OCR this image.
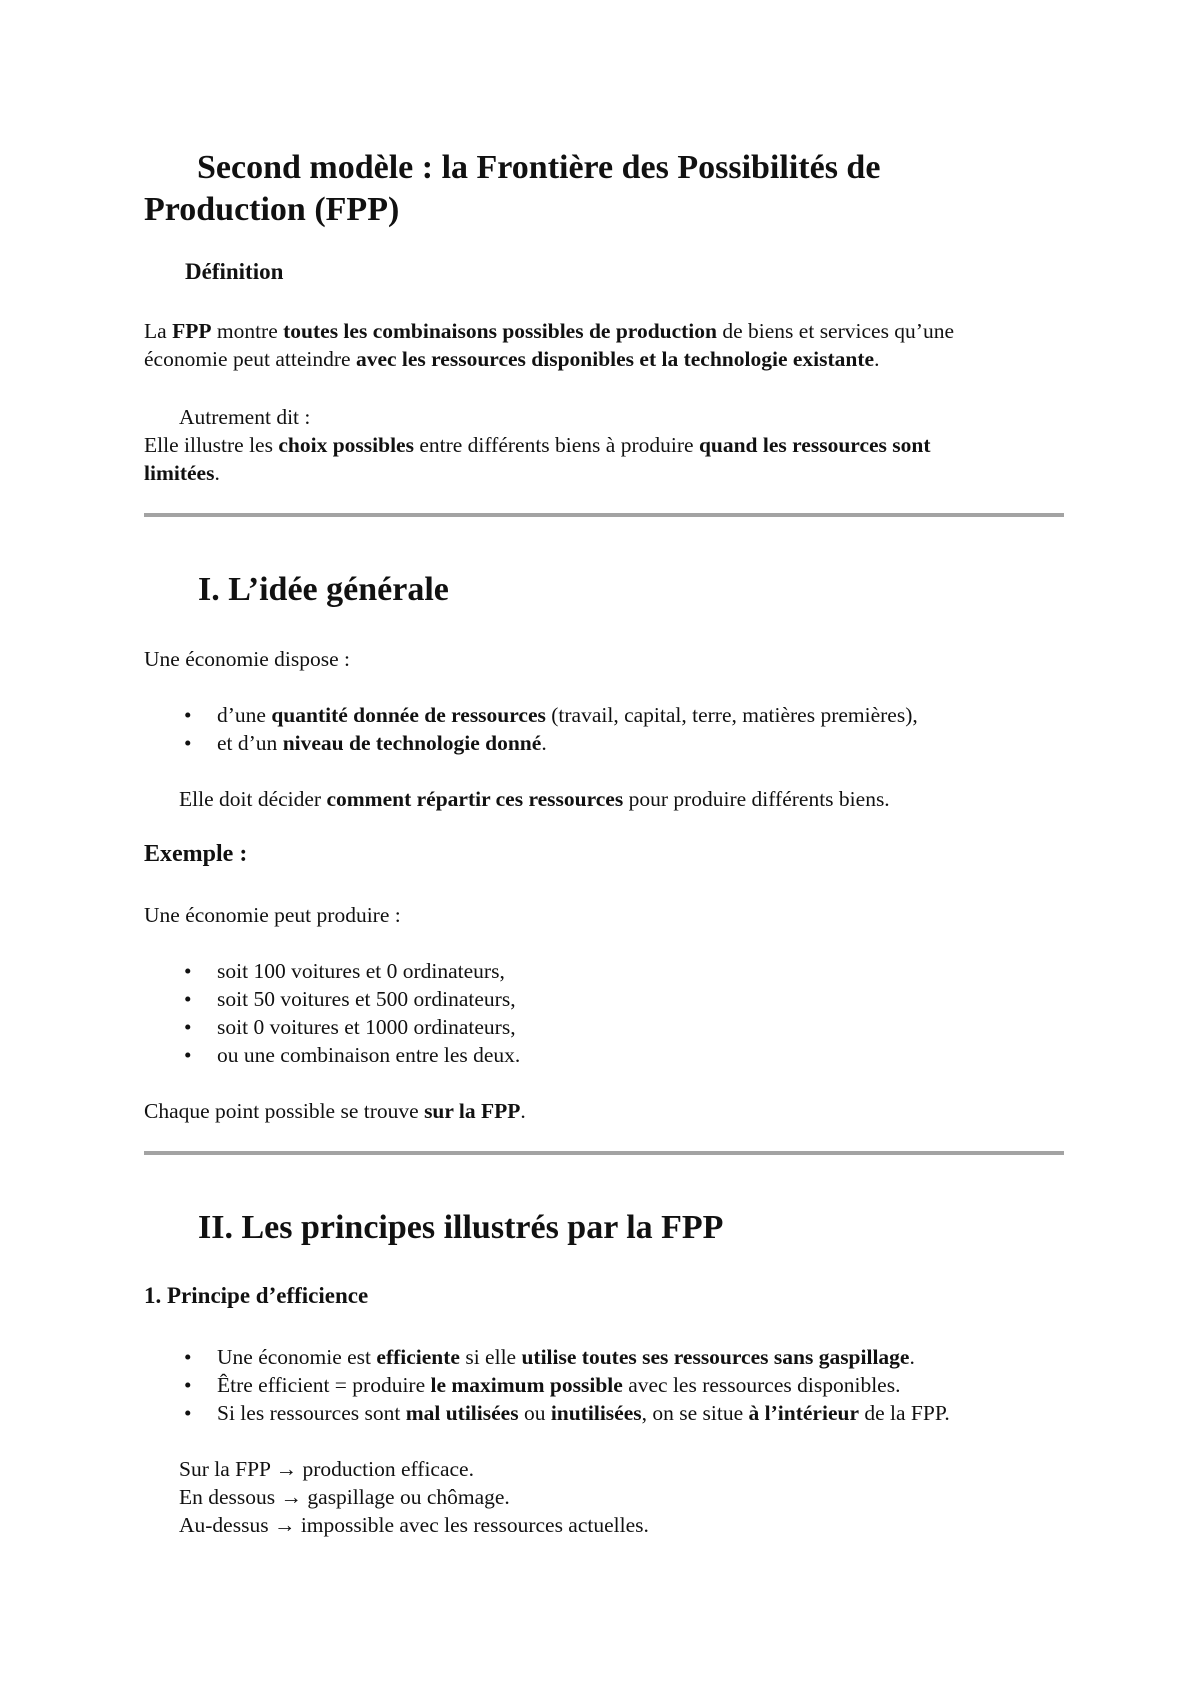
Second modèle : la Frontière des Possibilités de
Production (FPP)
Définition
La FPP montre toutes les combinaisons possibles de production de biens et services qu’une
économie peut atteindre avec les ressources disponibles et la technologie existante.
Autrement dit :
Elle illustre les choix possibles entre différents biens à produire quand les ressources sont
limitées.
I. L’idée générale
Une économie dispose :
• d’une quantité donnée de ressources (travail, capital, terre, matières premières),
• et d’un niveau de technologie donné.
Elle doit décider comment répartir ces ressources pour produire différents biens.
Exemple :
Une économie peut produire :
• soit 100 voitures et 0 ordinateurs,
• soit 50 voitures et 500 ordinateurs,
• soit 0 voitures et 1000 ordinateurs,
• ou une combinaison entre les deux.
Chaque point possible se trouve sur la FPP.
II. Les principes illustrés par la FPP
1. Principe d’efficience
• Une économie est efficiente si elle utilise toutes ses ressources sans gaspillage.
• Être efficient = produire le maximum possible avec les ressources disponibles.
• Si les ressources sont mal utilisées ou inutilisées, on se situe à l’intérieur de la FPP.
Sur la FPP → production efficace.
En dessous → gaspillage ou chômage.
Au-dessus → impossible avec les ressources actuelles.
